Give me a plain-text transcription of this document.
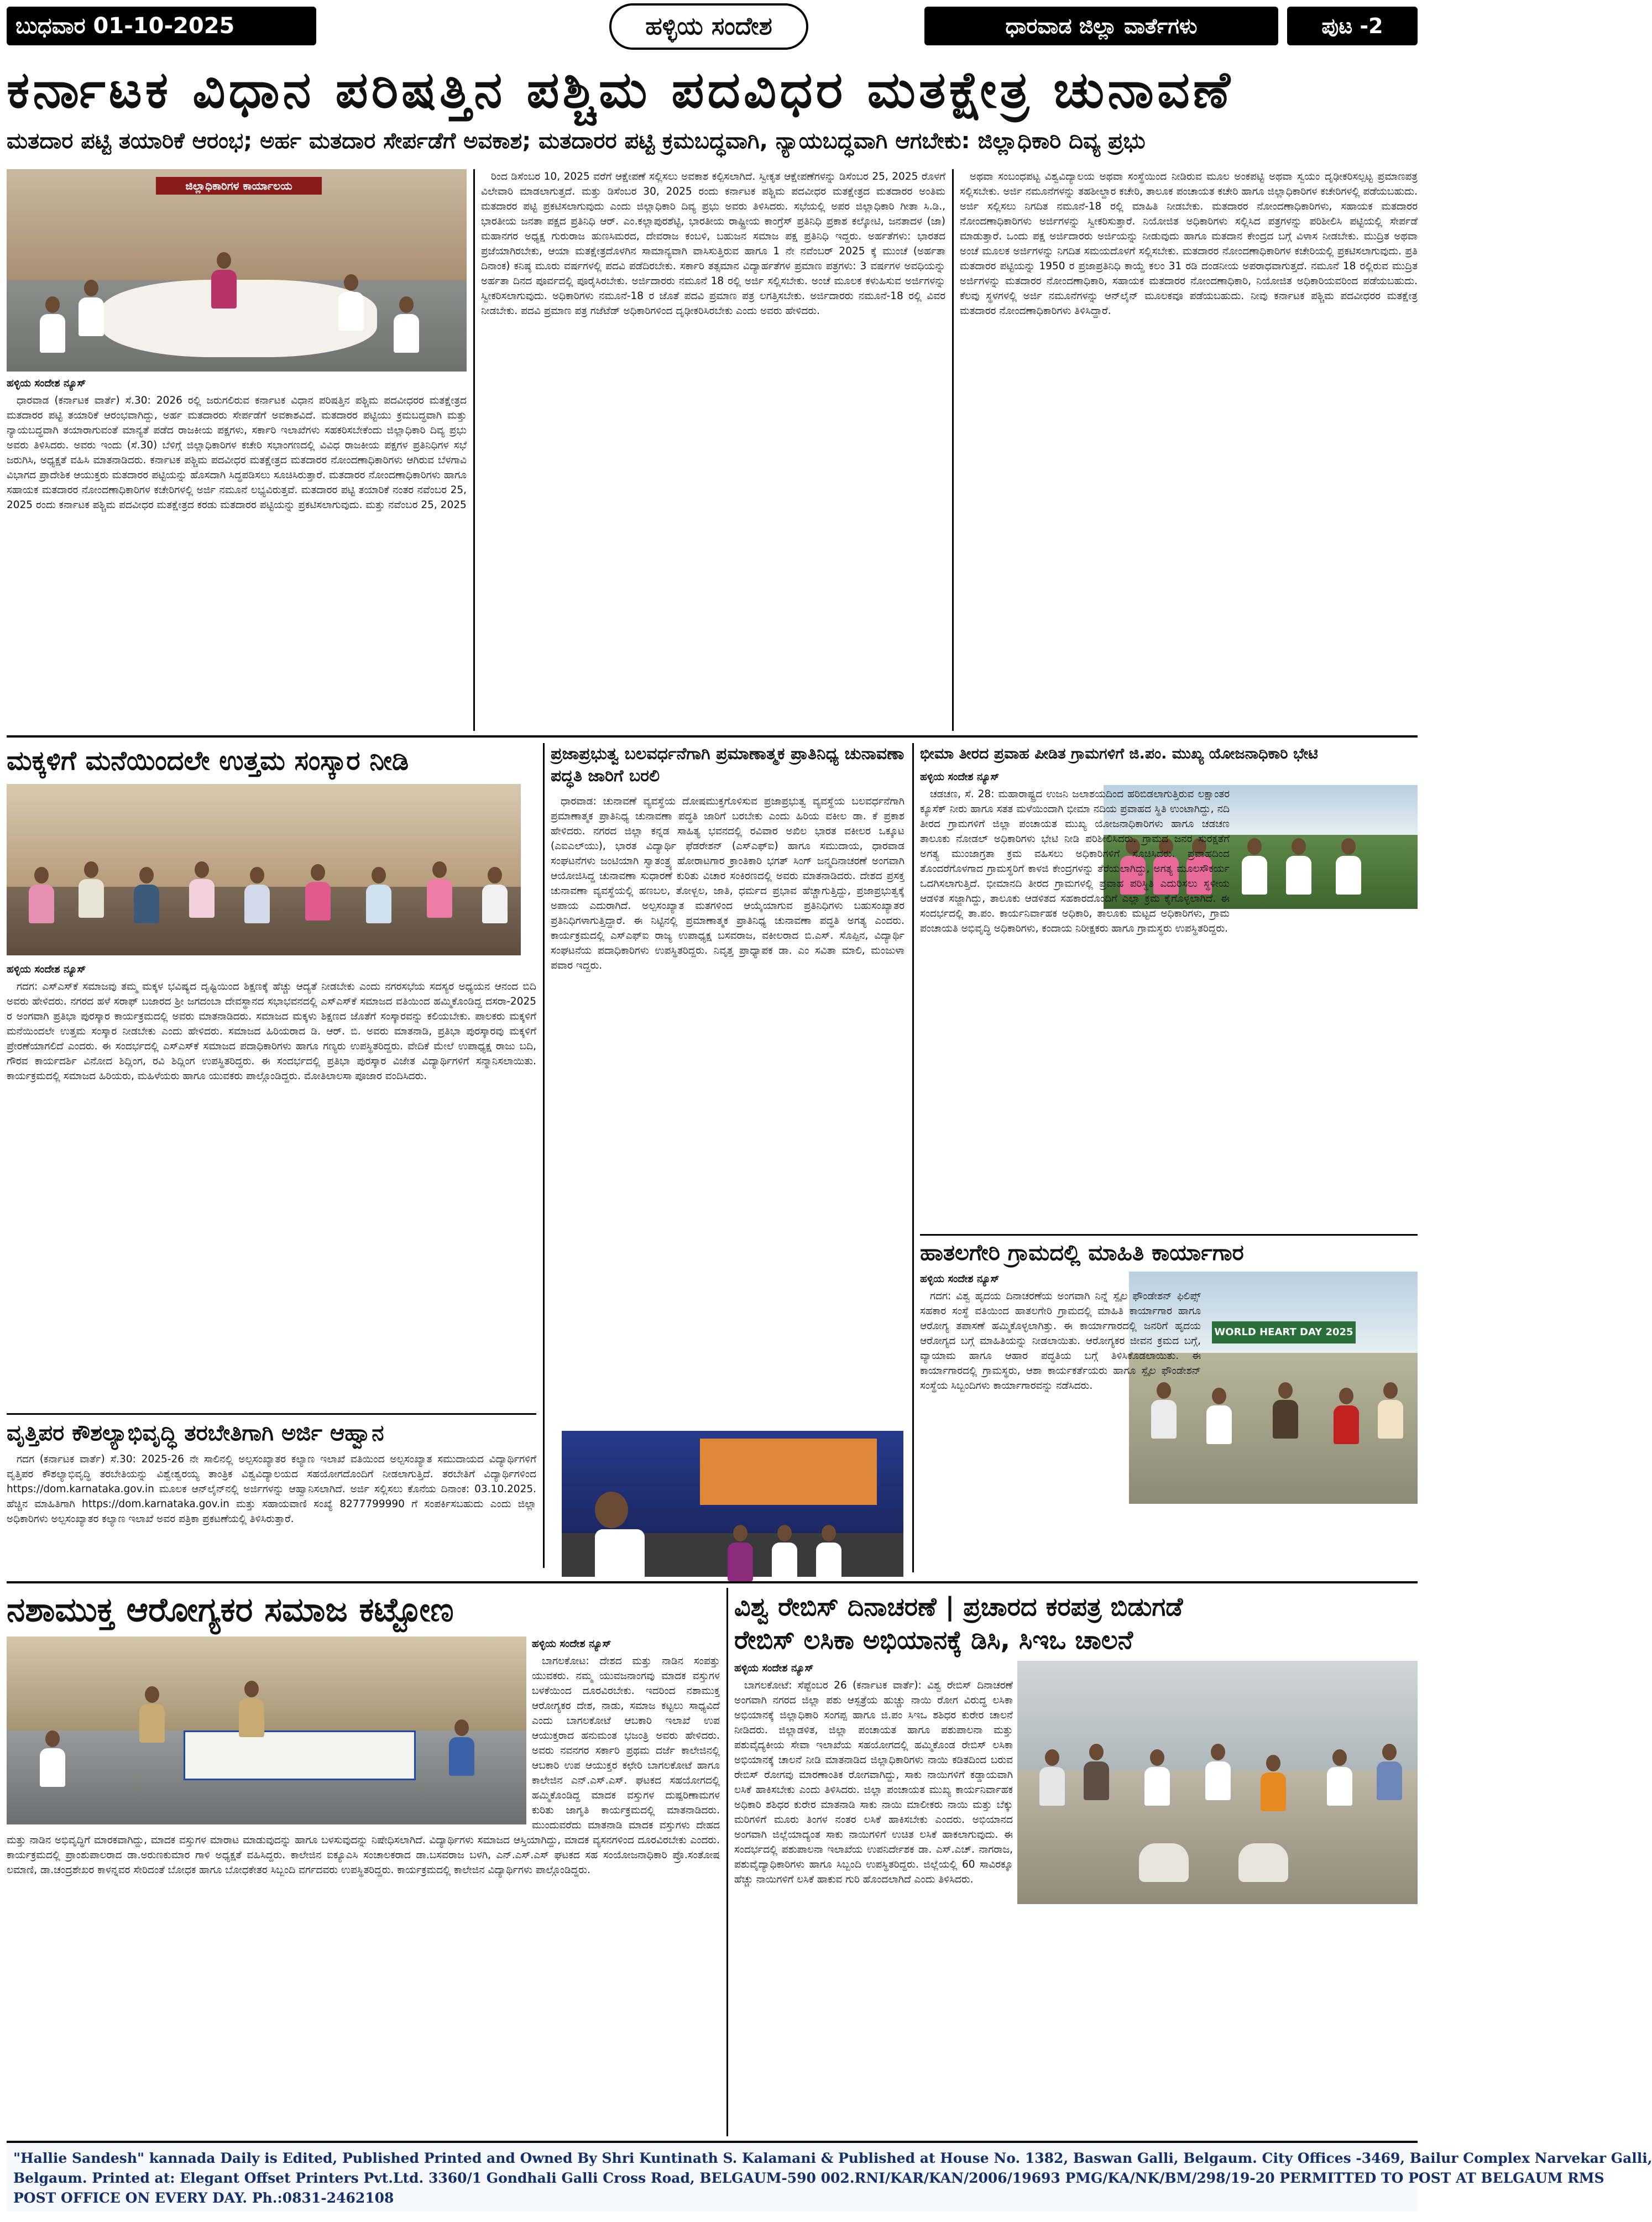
ಬುಧವಾರ 01-10-2025	ಹಳ್ಳಿಯ ಸಂದೇಶ	ಧಾರವಾಡ ಜಿಲ್ಲಾ ವಾರ್ತೆಗಳು	ಪುಟ -2
ಕರ್ನಾಟಕ ವಿಧಾನ ಪರಿಷತ್ತಿನ ಪಶ್ಚಿಮ ಪದವಿಧರ ಮತಕ್ಷೇತ್ರ ಚುನಾವಣೆ
ಮತದಾರ ಪಟ್ಟಿ ತಯಾರಿಕೆ ಆರಂಭ; ಅರ್ಹ ಮತದಾರ ಸೇರ್ಪಡೆಗೆ ಅವಕಾಶ; ಮತದಾರರ ಪಟ್ಟಿ ಕ್ರಮಬದ್ಧವಾಗಿ, ನ್ಯಾಯಬದ್ಧವಾಗಿ ಆಗಬೇಕು: ಜಿಲ್ಲಾಧಿಕಾರಿ ದಿವ್ಯ ಪ್ರಭು
ಜಿಲ್ಲಾಧಿಕಾರಿಗಳ ಕಾರ್ಯಾಲಯ

ಹಳ್ಳಿಯ ಸಂದೇಶ ನ್ಯೂಸ್

ಧಾರವಾಡ (ಕರ್ನಾಟಕ ವಾರ್ತೆ) ಸೆ.30: 2026 ರಲ್ಲಿ ಜರುಗಲಿರುವ ಕರ್ನಾಟಕ ವಿಧಾನ ಪರಿಷತ್ತಿನ ಪಶ್ಚಿಮ ಪದವೀಧರರ ಮತಕ್ಷೇತ್ರದ ಮತದಾರರ ಪಟ್ಟಿ ತಯಾರಿಕೆ ಆರಂಭವಾಗಿದ್ದು, ಅರ್ಹ ಮತದಾರರು ಸೇರ್ಪಡೆಗೆ ಅವಕಾಶವಿದೆ. ಮತದಾರರ ಪಟ್ಟಿಯು ಕ್ರಮಬದ್ಧವಾಗಿ ಮತ್ತು ನ್ಯಾಯಬದ್ಧವಾಗಿ ತಯಾರಾಗುವಂತೆ ಮಾನ್ಯತೆ ಪಡೆದ ರಾಜಕೀಯ ಪಕ್ಷಗಳು, ಸರ್ಕಾರಿ ಇಲಾಖೆಗಳು ಸಹಕರಿಸಬೇಕೆಂದು ಜಿಲ್ಲಾಧಿಕಾರಿ ದಿವ್ಯ ಪ್ರಭು ಅವರು ತಿಳಿಸಿದರು. ಅವರು ಇಂದು (ಸೆ.30) ಬೆಳಿಗ್ಗೆ ಜಿಲ್ಲಾಧಿಕಾರಿಗಳ ಕಚೇರಿ ಸಭಾಂಗಣದಲ್ಲಿ ವಿವಿಧ ರಾಜಕೀಯ ಪಕ್ಷಗಳ ಪ್ರತಿನಿಧಿಗಳ ಸಭೆ ಜರುಗಿಸಿ, ಅಧ್ಯಕ್ಷತೆ ವಹಿಸಿ ಮಾತನಾಡಿದರು. ಕರ್ನಾಟಕ ಪಶ್ಚಿಮ ಪದವೀಧರ ಮತಕ್ಷೇತ್ರದ ಮತದಾರರ ನೋಂದಣಾಧಿಕಾರಿಗಳು ಆಗಿರುವ ಬೆಳಗಾವಿ ವಿಭಾಗದ ಪ್ರಾದೇಶಿಕ ಆಯುಕ್ತರು ಮತದಾರರ ಪಟ್ಟಿಯನ್ನು ಹೊಸದಾಗಿ ಸಿದ್ಧಪಡಿಸಲು ಸೂಚಿಸಿರುತ್ತಾರೆ. ಮತದಾರರ ನೋಂದಣಾಧಿಕಾರಿಗಳು ಹಾಗೂ ಸಹಾಯಕ ಮತದಾರರ ನೋಂದಣಾಧಿಕಾರಿಗಳ ಕಚೇರಿಗಳಲ್ಲಿ ಅರ್ಜಿ ನಮೂನೆ ಲಭ್ಯವಿರುತ್ತವೆ. ಮತದಾರರ ಪಟ್ಟಿ ತಯಾರಿಕೆ ನಂತರ ನವೆಂಬರ 25, 2025 ರಂದು ಕರ್ನಾಟಕ ಪಶ್ಚಿಮ ಪದವೀಧರ ಮತಕ್ಷೇತ್ರದ ಕರಡು ಮತದಾರರ ಪಟ್ಟಿಯನ್ನು ಪ್ರಕಟಿಸಲಾಗುವುದು. ಮತ್ತು ನವೆಂಬರ 25, 2025

ರಿಂದ ಡಿಸೆಂಬರ 10, 2025 ವರೆಗೆ ಆಕ್ಷೇಪಣೆ ಸಲ್ಲಿಸಲು ಅವಕಾಶ ಕಲ್ಪಿಸಲಾಗಿದೆ. ಸ್ವೀಕೃತ ಆಕ್ಷೇಪಣೆಗಳನ್ನು ಡಿಸೆಂಬರ 25, 2025 ರೊಳಗೆ ವಿಲೇವಾರಿ ಮಾಡಲಾಗುತ್ತದೆ. ಮತ್ತು ಡಿಸೆಂಬರ 30, 2025 ರಂದು ಕರ್ನಾಟಕ ಪಶ್ಚಿಮ ಪದವೀಧರ ಮತಕ್ಷೇತ್ರದ ಮತದಾರರ ಅಂತಿಮ ಮತದಾರರ ಪಟ್ಟಿ ಪ್ರಕಟಿಸಲಾಗುವುದು ಎಂದು ಜಿಲ್ಲಾಧಿಕಾರಿ ದಿವ್ಯ ಪ್ರಭು ಅವರು ತಿಳಿಸಿದರು. ಸಭೆಯಲ್ಲಿ ಅಪರ ಜಿಲ್ಲಾಧಿಕಾರಿ ಗೀತಾ ಸಿ.ಡಿ., ಭಾರತೀಯ ಜನತಾ ಪಕ್ಷದ ಪ್ರತಿನಿಧಿ ಆರ್. ಎಂ.ಕಲ್ಲಾಪುರಶೆಟ್ಟಿ, ಭಾರತೀಯ ರಾಷ್ಟ್ರೀಯ ಕಾಂಗ್ರೆಸ್ ಪ್ರತಿನಿಧಿ ಪ್ರಕಾಶ ಕಲ್ಕೋಟಿ, ಜನತಾದಳ (ಜಾ) ಮಹಾನಗರ ಅಧ್ಯಕ್ಷ ಗುರುರಾಜ ಹುಣಸಿಮರದ, ದೇವರಾಜ ಕಂಬಳಿ, ಬಹುಜನ ಸಮಾಜ ಪಕ್ಷ ಪ್ರತಿನಿಧಿ ಇದ್ದರು. ಅರ್ಹತೆಗಳು: ಭಾರತದ ಪ್ರಜೆಯಾಗಿರಬೇಕು, ಆಯಾ ಮತಕ್ಷೇತ್ರದೊಳಗಿನ ಸಾಮಾನ್ಯವಾಗಿ ವಾಸಿಸುತ್ತಿರುವ ಹಾಗೂ 1 ನೇ ನವೆಂಬರ್ 2025 ಕ್ಕೆ ಮುಂಚೆ (ಅರ್ಹತಾ ದಿನಾಂಕ) ಕನಿಷ್ಠ ಮೂರು ವರ್ಷಗಳಲ್ಲಿ ಪದವಿ ಪಡೆದಿರಬೇಕು. ಸರ್ಕಾರಿ ತತ್ಸಮಾನ ವಿದ್ಯಾರ್ಹತೆಗಳ ಪ್ರಮಾಣ ಪತ್ರಗಳು: 3 ವರ್ಷಗಳ ಅವಧಿಯನ್ನು ಅರ್ಹತಾ ದಿನದ ಪೂರ್ವದಲ್ಲಿ ಪೂರೈಸಿರಬೇಕು. ಅರ್ಜಿದಾರರು ನಮೂನೆ 18 ರಲ್ಲಿ ಅರ್ಜಿ ಸಲ್ಲಿಸಬೇಕು. ಅಂಚೆ ಮೂಲಕ ಕಳುಹಿಸುವ ಅರ್ಜಿಗಳನ್ನು ಸ್ವೀಕರಿಸಲಾಗುವುದು. ಅಧಿಕಾರಿಗಳು ನಮೂನೆ-18 ರ ಜೊತೆ ಪದವಿ ಪ್ರಮಾಣ ಪತ್ರ ಲಗತ್ತಿಸಬೇಕು. ಅರ್ಜಿದಾರರು ನಮೂನೆ-18 ರಲ್ಲಿ ವಿವರ ನೀಡಬೇಕು. ಪದವಿ ಪ್ರಮಾಣ ಪತ್ರ ಗಜೆಟೆಡ್ ಅಧಿಕಾರಿಗಳಿಂದ ದೃಢೀಕರಿಸಿರಬೇಕು ಎಂದು ಅವರು ಹೇಳಿದರು.

ಅಥವಾ ಸಂಬಂಧಪಟ್ಟ ವಿಶ್ವವಿದ್ಯಾಲಯ ಅಥವಾ ಸಂಸ್ಥೆಯಿಂದ ನೀಡಿರುವ ಮೂಲ ಅಂಕಪಟ್ಟಿ ಅಥವಾ ಸ್ವಯಂ ದೃಢೀಕರಿಸಲ್ಪಟ್ಟ ಪ್ರಮಾಣಪತ್ರ ಸಲ್ಲಿಸಬೇಕು. ಅರ್ಜಿ ನಮೂನೆಗಳನ್ನು ತಹಶೀಲ್ದಾರ ಕಚೇರಿ, ತಾಲೂಕ ಪಂಚಾಯತ ಕಚೇರಿ ಹಾಗೂ ಜಿಲ್ಲಾಧಿಕಾರಿಗಳ ಕಚೇರಿಗಳಲ್ಲಿ ಪಡೆಯಬಹುದು. ಅರ್ಜಿ ಸಲ್ಲಿಸಲು ನಿಗದಿತ ನಮೂನೆ-18 ರಲ್ಲಿ ಮಾಹಿತಿ ನೀಡಬೇಕು. ಮತದಾರರ ನೋಂದಣಾಧಿಕಾರಿಗಳು, ಸಹಾಯಕ ಮತದಾರರ ನೋಂದಣಾಧಿಕಾರಿಗಳು ಅರ್ಜಿಗಳನ್ನು ಸ್ವೀಕರಿಸುತ್ತಾರೆ. ನಿಯೋಜಿತ ಅಧಿಕಾರಿಗಳು ಸಲ್ಲಿಸಿದ ಪತ್ರಗಳನ್ನು ಪರಿಶೀಲಿಸಿ ಪಟ್ಟಿಯಲ್ಲಿ ಸೇರ್ಪಡೆ ಮಾಡುತ್ತಾರೆ. ಒಂದು ಪಕ್ಷ ಅರ್ಜಿದಾರರು ಅರ್ಜಿಯನ್ನು ನೀಡುವುದು ಹಾಗೂ ಮತದಾನ ಕೇಂದ್ರದ ಬಗ್ಗೆ ವಿಳಾಸ ನೀಡಬೇಕು. ಮುದ್ರಿತ ಅಥವಾ ಅಂಚೆ ಮೂಲಕ ಅರ್ಜಿಗಳನ್ನು ನಿಗದಿತ ಸಮಯದೊಳಗೆ ಸಲ್ಲಿಸಬೇಕು. ಮತದಾರರ ನೋಂದಣಾಧಿಕಾರಿಗಳ ಕಚೇರಿಯಲ್ಲಿ ಪ್ರಕಟಿಸಲಾಗುವುದು. ಪ್ರತಿ ಮತದಾರರ ಪಟ್ಟಿಯನ್ನು 1950 ರ ಪ್ರಜಾಪ್ರತಿನಿಧಿ ಕಾಯ್ದೆ ಕಲಂ 31 ರಡಿ ದಂಡನೀಯ ಅಪರಾಧವಾಗುತ್ತದೆ. ನಮೂನೆ 18 ರಲ್ಲಿರುವ ಮುದ್ರಿತ ಅರ್ಜಿಗಳನ್ನು ಮತದಾರರ ನೋಂದಣಾಧಿಕಾರಿ, ಸಹಾಯಕ ಮತದಾರರ ನೋಂದಣಾಧಿಕಾರಿ, ನಿಯೋಜಿತ ಅಧಿಕಾರಿಯವರಿಂದ ಪಡೆಯಬಹುದು. ಕೆಲವು ಸ್ಥಳಗಳಲ್ಲಿ ಅರ್ಜಿ ನಮೂನೆಗಳನ್ನು ಆನ್‌ಲೈನ್ ಮೂಲಕವೂ ಪಡೆಯಬಹುದು. ನೀವು ಕರ್ನಾಟಕ ಪಶ್ಚಿಮ ಪದವೀಧರರ ಮತಕ್ಷೇತ್ರ ಮತದಾರರ ನೋಂದಣಾಧಿಕಾರಿಗಳು ತಿಳಿಸಿದ್ದಾರೆ.

ಮಕ್ಕಳಿಗೆ ಮನೆಯಿಂದಲೇ ಉತ್ತಮ ಸಂಸ್ಕಾರ ನೀಡಿ

ಹಳ್ಳಿಯ ಸಂದೇಶ ನ್ಯೂಸ್

ಗದಗ: ಎಸ್‌ಎಸ್‌ಕೆ ಸಮಾಜವು ತಮ್ಮ ಮಕ್ಕಳ ಭವಿಷ್ಯದ ದೃಷ್ಟಿಯಿಂದ ಶಿಕ್ಷಣಕ್ಕೆ ಹೆಚ್ಚು ಆದ್ಯತೆ ನೀಡಬೇಕು ಎಂದು ನಗರಸಭೆಯ ಸದಸ್ಯರ ಅಧ್ಯಯನ ಆನಂದ ಬಿದಿ ಅವರು ಹೇಳಿದರು. ನಗರದ ಹಳೆ ಸರಾಫ್ ಬಜಾರದ ಶ್ರೀ ಜಗದಂಬಾ ದೇವಸ್ಥಾನದ ಸಭಾಭವನದಲ್ಲಿ ಎಸ್‌ಎಸ್‌ಕೆ ಸಮಾಜದ ವತಿಯಿಂದ ಹಮ್ಮಿಕೊಂಡಿದ್ದ ದಸರಾ-2025 ರ ಅಂಗವಾಗಿ ಪ್ರತಿಭಾ ಪುರಸ್ಕಾರ ಕಾರ್ಯಕ್ರಮದಲ್ಲಿ ಅವರು ಮಾತನಾಡಿದರು. ಸಮಾಜದ ಮಕ್ಕಳು ಶಿಕ್ಷಣದ ಜೊತೆಗೆ ಸಂಸ್ಕಾರವನ್ನು ಕಲಿಯಬೇಕು. ಪಾಲಕರು ಮಕ್ಕಳಿಗೆ ಮನೆಯಿಂದಲೇ ಉತ್ತಮ ಸಂಸ್ಕಾರ ನೀಡಬೇಕು ಎಂದು ಹೇಳಿದರು. ಸಮಾಜದ ಹಿರಿಯರಾದ ಡಿ. ಆರ್. ಬಿ. ಅವರು ಮಾತನಾಡಿ, ಪ್ರತಿಭಾ ಪುರಸ್ಕಾರವು ಮಕ್ಕಳಿಗೆ ಪ್ರೇರಣೆಯಾಗಲಿದೆ ಎಂದರು. ಈ ಸಂದರ್ಭದಲ್ಲಿ ಎಸ್‌ಎಸ್‌ಕೆ ಸಮಾಜದ ಪದಾಧಿಕಾರಿಗಳು ಹಾಗೂ ಗಣ್ಯರು ಉಪಸ್ಥಿತರಿದ್ದರು. ವೇದಿಕೆ ಮೇಲೆ ಉಪಾಧ್ಯಕ್ಷ ರಾಜು ಬದಿ, ಗೌರವ ಕಾರ್ಯದರ್ಶಿ ವಿನೋದ ಶಿದ್ಲಿಂಗ, ರವಿ ಶಿದ್ಲಿಂಗ ಉಪಸ್ಥಿತರಿದ್ದರು. ಈ ಸಂದರ್ಭದಲ್ಲಿ ಪ್ರತಿಭಾ ಪುರಸ್ಕಾರ ವಿಜೇತ ವಿದ್ಯಾರ್ಥಿಗಳಿಗೆ ಸನ್ಮಾನಿಸಲಾಯಿತು. ಕಾರ್ಯಕ್ರಮದಲ್ಲಿ ಸಮಾಜದ ಹಿರಿಯರು, ಮಹಿಳೆಯರು ಹಾಗೂ ಯುವಕರು ಪಾಲ್ಗೊಂಡಿದ್ದರು. ಮೋತಿಲಾಲಸಾ ಪೂಜಾರ ವಂದಿಸಿದರು.

ವೃತ್ತಿಪರ ಕೌಶಲ್ಯಾಭಿವೃದ್ಧಿ ತರಬೇತಿಗಾಗಿ ಅರ್ಜಿ ಆಹ್ವಾನ

ಗದಗ (ಕರ್ನಾಟಕ ವಾರ್ತೆ) ಸೆ.30: 2025-26 ನೇ ಸಾಲಿನಲ್ಲಿ ಅಲ್ಪಸಂಖ್ಯಾತರ ಕಲ್ಯಾಣ ಇಲಾಖೆ ವತಿಯಿಂದ ಅಲ್ಪಸಂಖ್ಯಾತ ಸಮುದಾಯದ ವಿದ್ಯಾರ್ಥಿಗಳಿಗೆ ವೃತ್ತಿಪರ ಕೌಶಲ್ಯಾಭಿವೃದ್ಧಿ ತರಬೇತಿಯನ್ನು ವಿಶ್ವೇಶ್ವರಯ್ಯ ತಾಂತ್ರಿಕ ವಿಶ್ವವಿದ್ಯಾಲಯದ ಸಹಯೋಗದೊಂದಿಗೆ ನೀಡಲಾಗುತ್ತಿದೆ. ತರಬೇತಿಗೆ ವಿದ್ಯಾರ್ಥಿಗಳಿಂದ https://dom.karnataka.gov.in ಮೂಲಕ ಆನ್‌ಲೈನ್‌ನಲ್ಲಿ ಅರ್ಜಿಗಳನ್ನು ಆಹ್ವಾನಿಸಲಾಗಿದೆ. ಅರ್ಜಿ ಸಲ್ಲಿಸಲು ಕೊನೆಯ ದಿನಾಂಕ: 03.10.2025. ಹೆಚ್ಚಿನ ಮಾಹಿತಿಗಾಗಿ https://dom.karnataka.gov.in ಮತ್ತು ಸಹಾಯವಾಣಿ ಸಂಖ್ಯೆ 8277799990 ಗೆ ಸಂಪರ್ಕಿಸಬಹುದು ಎಂದು ಜಿಲ್ಲಾ ಅಧಿಕಾರಿಗಳು ಅಲ್ಪಸಂಖ್ಯಾತರ ಕಲ್ಯಾಣ ಇಲಾಖೆ ಅವರ ಪತ್ರಿಕಾ ಪ್ರಕಟಣೆಯಲ್ಲಿ ತಿಳಿಸಿರುತ್ತಾರೆ.

ಪ್ರಜಾಪ್ರಭುತ್ವ ಬಲವರ್ಧನೆಗಾಗಿ ಪ್ರಮಾಣಾತ್ಮಕ ಪ್ರಾತಿನಿಧ್ಯ ಚುನಾವಣಾ ಪದ್ಧತಿ ಜಾರಿಗೆ ಬರಲಿ

ಧಾರವಾಡ: ಚುನಾವಣೆ ವ್ಯವಸ್ಥೆಯ ದೋಷಮುಕ್ತಗೊಳಿಸುವ ಪ್ರಜಾಪ್ರಭುತ್ವ ವ್ಯವಸ್ಥೆಯ ಬಲವರ್ಧನೆಗಾಗಿ ಪ್ರಮಾಣಾತ್ಮಕ ಪ್ರಾತಿನಿಧ್ಯ ಚುನಾವಣಾ ಪದ್ಧತಿ ಜಾರಿಗೆ ಬರಬೇಕು ಎಂದು ಹಿರಿಯ ವಕೀಲ ಡಾ. ಕೆ ಪ್ರಕಾಶ ಹೇಳಿದರು. ನಗರದ ಜಿಲ್ಲಾ ಕನ್ನಡ ಸಾಹಿತ್ಯ ಭವನದಲ್ಲಿ ರವಿವಾರ ಅಖಿಲ ಭಾರತ ವಕೀಲರ ಒಕ್ಕೂಟ (ಎಐಎಲ್‌ಯು), ಭಾರತ ವಿದ್ಯಾರ್ಥಿ ಫೆಡರೇಶನ್ (ಎಸ್‌ಎಫ್‌ಐ) ಹಾಗೂ ಸಮುದಾಯ, ಧಾರವಾಡ ಸಂಘಟನೆಗಳು ಜಂಟಿಯಾಗಿ ಸ್ವಾತಂತ್ರ್ಯ ಹೋರಾಟಗಾರ ಕ್ರಾಂತಿಕಾರಿ ಭಗತ್ ಸಿಂಗ್ ಜನ್ಮದಿನಾಚರಣೆ ಅಂಗವಾಗಿ ಆಯೋಜಿಸಿದ್ದ ಚುನಾವಣಾ ಸುಧಾರಣೆ ಕುರಿತು ವಿಚಾರ ಸಂಕಿರಣದಲ್ಲಿ ಅವರು ಮಾತನಾಡಿದರು. ದೇಶದ ಪ್ರಸಕ್ತ ಚುನಾವಣಾ ವ್ಯವಸ್ಥೆಯಲ್ಲಿ ಹಣಬಲ, ತೋಳ್ಬಲ, ಜಾತಿ, ಧರ್ಮದ ಪ್ರಭಾವ ಹೆಚ್ಚಾಗುತ್ತಿದ್ದು, ಪ್ರಜಾಪ್ರಭುತ್ವಕ್ಕೆ ಅಪಾಯ ಎದುರಾಗಿದೆ. ಅಲ್ಪಸಂಖ್ಯಾತ ಮತಗಳಿಂದ ಆಯ್ಕೆಯಾಗುವ ಪ್ರತಿನಿಧಿಗಳು ಬಹುಸಂಖ್ಯಾತರ ಪ್ರತಿನಿಧಿಗಳಾಗುತ್ತಿದ್ದಾರೆ. ಈ ನಿಟ್ಟಿನಲ್ಲಿ ಪ್ರಮಾಣಾತ್ಮಕ ಪ್ರಾತಿನಿಧ್ಯ ಚುನಾವಣಾ ಪದ್ಧತಿ ಅಗತ್ಯ ಎಂದರು. ಕಾರ್ಯಕ್ರಮದಲ್ಲಿ ಎಸ್‌ಎಫ್‌ಐ ರಾಜ್ಯ ಉಪಾಧ್ಯಕ್ಷ ಬಸವರಾಜ, ವಕೀಲರಾದ ಬಿ.ಎಸ್. ಸೊಪ್ಪಿನ, ವಿದ್ಯಾರ್ಥಿ ಸಂಘಟನೆಯ ಪದಾಧಿಕಾರಿಗಳು ಉಪಸ್ಥಿತರಿದ್ದರು. ನಿವೃತ್ತ ಪ್ರಾಧ್ಯಾಪಕ ಡಾ. ಎಂ ಸವಿತಾ ಮಾಲಿ, ಮಂಜುಳಾ ಪವಾರ ಇದ್ದರು.

ಭೀಮಾ ತೀರದ ಪ್ರವಾಹ ಪೀಡಿತ ಗ್ರಾಮಗಳಿಗೆ ಜಿ.ಪಂ. ಮುಖ್ಯ ಯೋಜನಾಧಿಕಾರಿ ಭೇಟಿ

ಹಳ್ಳಿಯ ಸಂದೇಶ ನ್ಯೂಸ್

ಚಡಚಣ, ಸೆ. 28: ಮಹಾರಾಷ್ಟ್ರದ ಉಜನಿ ಜಲಾಶಯದಿಂದ ಹರಿಬಿಡಲಾಗುತ್ತಿರುವ ಲಕ್ಷಾಂತರ ಕ್ಯೂಸೆಕ್ ನೀರು ಹಾಗೂ ಸತತ ಮಳೆಯಿಂದಾಗಿ ಭೀಮಾ ನದಿಯ ಪ್ರವಾಹದ ಸ್ಥಿತಿ ಉಂಟಾಗಿದ್ದು, ನದಿ ತೀರದ ಗ್ರಾಮಗಳಿಗೆ ಜಿಲ್ಲಾ ಪಂಚಾಯತ ಮುಖ್ಯ ಯೋಜನಾಧಿಕಾರಿಗಳು ಹಾಗೂ ಚಡಚಣ ತಾಲೂಕು ನೋಡಲ್ ಅಧಿಕಾರಿಗಳು ಭೇಟಿ ನೀಡಿ ಪರಿಶೀಲಿಸಿದರು. ಗ್ರಾಮದ ಜನರ ಸುರಕ್ಷತೆಗೆ ಅಗತ್ಯ ಮುಂಜಾಗ್ರತಾ ಕ್ರಮ ವಹಿಸಲು ಅಧಿಕಾರಿಗಳಿಗೆ ಸೂಚಿಸಿದರು. ಪ್ರವಾಹದಿಂದ ತೊಂದರೆಗೊಳಗಾದ ಗ್ರಾಮಸ್ಥರಿಗೆ ಕಾಳಜಿ ಕೇಂದ್ರಗಳನ್ನು ತೆರೆಯಲಾಗಿದ್ದು, ಅಗತ್ಯ ಮೂಲಸೌಕರ್ಯ ಒದಗಿಸಲಾಗುತ್ತಿದೆ. ಭೀಮಾನದಿ ತೀರದ ಗ್ರಾಮಗಳಲ್ಲಿ ಪ್ರವಾಹ ಪರಿಸ್ಥಿತಿ ಎದುರಿಸಲು ಸ್ಥಳೀಯ ಆಡಳಿತ ಸಜ್ಜಾಗಿದ್ದು, ತಾಲೂಕು ಆಡಳಿತದ ಸಹಕಾರದೊಂದಿಗೆ ಎಲ್ಲಾ ಕ್ರಮ ಕೈಗೊಳ್ಳಲಾಗಿದೆ. ಈ ಸಂದರ್ಭದಲ್ಲಿ ತಾ.ಪಂ. ಕಾರ್ಯನಿರ್ವಾಹಕ ಅಧಿಕಾರಿ, ತಾಲೂಕು ಮಟ್ಟದ ಅಧಿಕಾರಿಗಳು, ಗ್ರಾಮ ಪಂಚಾಯತಿ ಅಭಿವೃದ್ಧಿ ಅಧಿಕಾರಿಗಳು, ಕಂದಾಯ ನಿರೀಕ್ಷಕರು ಹಾಗೂ ಗ್ರಾಮಸ್ಥರು ಉಪಸ್ಥಿತರಿದ್ದರು.

ಹಾತಲಗೇರಿ ಗ್ರಾಮದಲ್ಲಿ ಮಾಹಿತಿ ಕಾರ್ಯಾಗಾರ
WORLD HEART DAY 2025

ಹಳ್ಳಿಯ ಸಂದೇಶ ನ್ಯೂಸ್

ಗದಗ: ವಿಶ್ವ ಹೃದಯ ದಿನಾಚರಣೆಯ ಅಂಗವಾಗಿ ನಿನ್ನೆ ಸ್ಪೈಲ ಫೌಂಡೇಶನ್ ಫಿಲಿಪ್ಸ್ ಸಹಕಾರ ಸಂಸ್ಥೆ ವತಿಯಿಂದ ಹಾತಲಗೇರಿ ಗ್ರಾಮದಲ್ಲಿ ಮಾಹಿತಿ ಕಾರ್ಯಾಗಾರ ಹಾಗೂ ಆರೋಗ್ಯ ತಪಾಸಣೆ ಹಮ್ಮಿಕೊಳ್ಳಲಾಗಿತ್ತು. ಈ ಕಾರ್ಯಾಗಾರದಲ್ಲಿ ಜನರಿಗೆ ಹೃದಯ ಆರೋಗ್ಯದ ಬಗ್ಗೆ ಮಾಹಿತಿಯನ್ನು ನೀಡಲಾಯಿತು. ಆರೋಗ್ಯಕರ ಜೀವನ ಕ್ರಮದ ಬಗ್ಗೆ, ವ್ಯಾಯಾಮ ಹಾಗೂ ಆಹಾರ ಪದ್ಧತಿಯ ಬಗ್ಗೆ ತಿಳಿಸಿಕೊಡಲಾಯಿತು. ಈ ಕಾರ್ಯಾಗಾರದಲ್ಲಿ ಗ್ರಾಮಸ್ಥರು, ಆಶಾ ಕಾರ್ಯಕರ್ತೆಯರು ಹಾಗೂ ಸ್ಪೈಲ ಫೌಂಡೇಶನ್ ಸಂಸ್ಥೆಯ ಸಿಬ್ಬಂದಿಗಳು ಕಾರ್ಯಾಗಾರವನ್ನು ನಡೆಸಿದರು.

ನಶಾಮುಕ್ತ ಆರೋಗ್ಯಕರ ಸಮಾಜ ಕಟ್ಟೋಣ

ಹಳ್ಳಿಯ ಸಂದೇಶ ನ್ಯೂಸ್

ಬಾಗಲಕೋಟ: ದೇಶದ ಮತ್ತು ನಾಡಿನ ಸಂಪತ್ತು ಯುವಕರು. ನಮ್ಮ ಯುವಜನಾಂಗವು ಮಾದಕ ವಸ್ತುಗಳ ಬಳಕೆಯಿಂದ ದೂರವಿರಬೇಕು. ಇದರಿಂದ ನಶಾಮುಕ್ತ ಆರೋಗ್ಯಕರ ದೇಶ, ನಾಡು, ಸಮಾಜ ಕಟ್ಟಲು ಸಾಧ್ಯವಿದೆ ಎಂದು ಬಾಗಲಕೋಟೆ ಆಬಕಾರಿ ಇಲಾಖೆ ಉಪ ಆಯುಕ್ತರಾದ ಹನುಮಂತ ಭಜಂತ್ರಿ ಅವರು ಹೇಳಿದರು. ಅವರು ನವನಗರ ಸರ್ಕಾರಿ ಪ್ರಥಮ ದರ್ಜೆ ಕಾಲೇಜಿನಲ್ಲಿ ಆಬಕಾರಿ ಉಪ ಆಯುಕ್ತರ ಕಛೇರಿ ಬಾಗಲಕೋಟೆ ಹಾಗೂ ಕಾಲೇಜಿನ ಎನ್.ಎಸ್.ಎಸ್. ಘಟಕದ ಸಹಯೋಗದಲ್ಲಿ ಹಮ್ಮಿಕೊಂಡಿದ್ದ ಮಾದಕ ವಸ್ತುಗಳ ದುಷ್ಪರಿಣಾಮಗಳ ಕುರಿತು ಜಾಗೃತಿ ಕಾರ್ಯಕ್ರಮದಲ್ಲಿ ಮಾತನಾಡಿದರು. ಮುಂದುವರೆದು ಮಾತನಾಡಿ ಮಾದಕ ವಸ್ತುಗಳು ದೇಹದ ಮತ್ತು ನಾಡಿನ ಅಭಿವೃದ್ಧಿಗೆ ಮಾರಕವಾಗಿದ್ದು, ಮಾದಕ ವಸ್ತುಗಳ ಮಾರಾಟ ಮಾಡುವುದನ್ನು ಹಾಗೂ ಬಳಸುವುದನ್ನು ನಿಷೇಧಿಸಲಾಗಿದೆ. ವಿದ್ಯಾರ್ಥಿಗಳು ಸಮಾಜದ ಆಸ್ತಿಯಾಗಿದ್ದು, ಮಾದಕ ವ್ಯಸನಗಳಿಂದ ದೂರವಿರಬೇಕು ಎಂದರು. ಕಾರ್ಯಕ್ರಮದಲ್ಲಿ ಪ್ರಾಂಶುಪಾಲರಾದ ಡಾ.ಅರುಣಕುಮಾರ ಗಾಳಿ ಅಧ್ಯಕ್ಷತೆ ವಹಿಸಿದ್ದರು. ಕಾಲೇಜಿನ ಐಕ್ಯೂಎಸಿ ಸಂಚಾಲಕರಾದ ಡಾ.ಬಸವರಾಜ ಬಳಗಿ, ಎನ್.ಎಸ್.ಎಸ್ ಘಟಕದ ಸಹ ಸಂಯೋಜನಾಧಿಕಾರಿ ಪ್ರೊ.ಸಂತೋಷ ಲಮಾಣಿ, ಡಾ.ಚಂದ್ರಶೇಖರ ಕಾಳನ್ನವರ ಸೇರಿದಂತೆ ಬೋಧಕ ಹಾಗೂ ಬೋಧಕೇತರ ಸಿಬ್ಬಂದಿ ವರ್ಗದವರು ಉಪಸ್ಥಿತರಿದ್ದರು. ಕಾರ್ಯಕ್ರಮದಲ್ಲಿ ಕಾಲೇಜಿನ ವಿದ್ಯಾರ್ಥಿಗಳು ಪಾಲ್ಗೊಂಡಿದ್ದರು.

ವಿಶ್ವ ರೇಬಿಸ್ ದಿನಾಚರಣೆ | ಪ್ರಚಾರದ ಕರಪತ್ರ ಬಿಡುಗಡೆ
ರೇಬಿಸ್ ಲಸಿಕಾ ಅಭಿಯಾನಕ್ಕೆ ಡಿಸಿ, ಸಿಇಒ ಚಾಲನೆ

ಹಳ್ಳಿಯ ಸಂದೇಶ ನ್ಯೂಸ್

ಬಾಗಲಕೋಟೆ: ಸೆಪ್ಟೆಂಬರ 26 (ಕರ್ನಾಟಕ ವಾರ್ತೆ): ವಿಶ್ವ ರೇಬಿಸ್ ದಿನಾಚರಣೆ ಅಂಗವಾಗಿ ನಗರದ ಜಿಲ್ಲಾ ಪಶು ಆಸ್ಪತ್ರೆಯ ಹುಚ್ಚು ನಾಯಿ ರೋಗ ವಿರುದ್ಧ ಲಸಿಕಾ ಅಭಿಯಾನಕ್ಕೆ ಜಿಲ್ಲಾಧಿಕಾರಿ ಸಂಗಪ್ಪ ಹಾಗೂ ಜಿ.ಪಂ ಸಿಇಒ ಶಶಿಧರ ಕುರೇರ ಚಾಲನೆ ನೀಡಿದರು. ಜಿಲ್ಲಾಡಳಿತ, ಜಿಲ್ಲಾ ಪಂಚಾಯತ ಹಾಗೂ ಪಶುಪಾಲನಾ ಮತ್ತು ಪಶುವೈದ್ಯಕೀಯ ಸೇವಾ ಇಲಾಖೆಯ ಸಹಯೋಗದಲ್ಲಿ ಹಮ್ಮಿಕೊಂಡ ರೇಬಿಸ್ ಲಸಿಕಾ ಅಭಿಯಾನಕ್ಕೆ ಚಾಲನೆ ನೀಡಿ ಮಾತನಾಡಿದ ಜಿಲ್ಲಾಧಿಕಾರಿಗಳು ನಾಯಿ ಕಡಿತದಿಂದ ಬರುವ ರೇಬಿಸ್ ರೋಗವು ಮಾರಣಾಂತಿಕ ರೋಗವಾಗಿದ್ದು, ಸಾಕು ನಾಯಿಗಳಿಗೆ ಕಡ್ಡಾಯವಾಗಿ ಲಸಿಕೆ ಹಾಕಿಸಬೇಕು ಎಂದು ತಿಳಿಸಿದರು. ಜಿಲ್ಲಾ ಪಂಚಾಯತ ಮುಖ್ಯ ಕಾರ್ಯನಿರ್ವಾಹಕ ಅಧಿಕಾರಿ ಶಶಿಧರ ಕುರೇರ ಮಾತನಾಡಿ ಸಾಕು ನಾಯಿ ಮಾಲೀಕರು ನಾಯಿ ಮತ್ತು ಬೆಕ್ಕು ಮರಿಗಳಿಗೆ ಮೂರು ತಿಂಗಳ ನಂತರ ಲಸಿಕೆ ಹಾಕಿಸಬೇಕು ಎಂದರು. ಅಭಿಯಾನದ ಅಂಗವಾಗಿ ಜಿಲ್ಲೆಯಾದ್ಯಂತ ಸಾಕು ನಾಯಿಗಳಿಗೆ ಉಚಿತ ಲಸಿಕೆ ಹಾಕಲಾಗುವುದು. ಈ ಸಂದರ್ಭದಲ್ಲಿ ಪಶುಪಾಲನಾ ಇಲಾಖೆಯ ಉಪನಿರ್ದೇಶಕ ಡಾ. ಎಸ್.ಎಚ್. ನಾಗರಾಜ, ಪಶುವೈದ್ಯಾಧಿಕಾರಿಗಳು ಹಾಗೂ ಸಿಬ್ಬಂದಿ ಉಪಸ್ಥಿತರಿದ್ದರು. ಜಿಲ್ಲೆಯಲ್ಲಿ 60 ಸಾವಿರಕ್ಕೂ ಹೆಚ್ಚು ನಾಯಿಗಳಿಗೆ ಲಸಿಕೆ ಹಾಕುವ ಗುರಿ ಹೊಂದಲಾಗಿದೆ ಎಂದು ತಿಳಿಸಿದರು.

"Hallie Sandesh" kannada Daily is Edited, Published Printed and Owned By Shri Kuntinath S. Kalamani & Published at House No. 1382, Baswan Galli, Belgaum. City Offices -3469, Bailur Complex Narvekar Galli,
Belgaum. Printed at: Elegant Offset Printers Pvt.Ltd. 3360/1 Gondhali Galli Cross Road, BELGAUM-590 002.RNI/KAR/KAN/2006/19693 PMG/KA/NK/BM/298/19-20 PERMITTED TO POST AT BELGAUM RMS
POST OFFICE ON EVERY DAY. Ph.:0831-2462108
